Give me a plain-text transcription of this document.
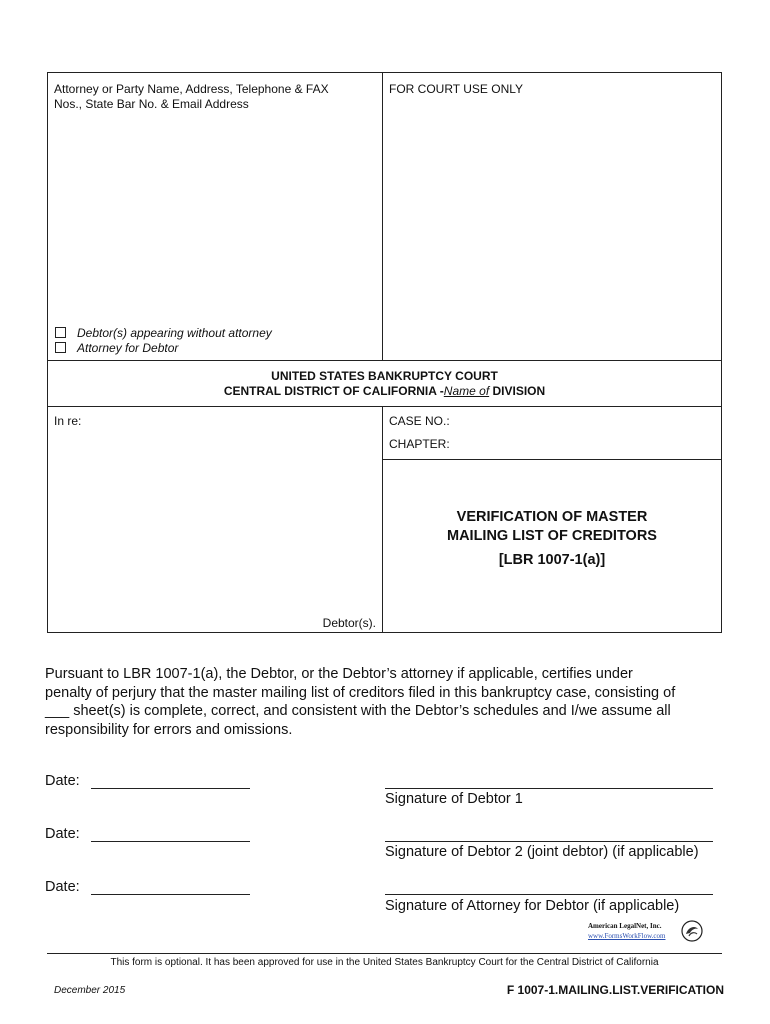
Attorney or Party Name, Address, Telephone & FAX
Nos., State Bar No. & Email Address
FOR COURT USE ONLY
Debtor(s) appearing without attorney
Attorney for Debtor
UNITED STATES BANKRUPTCY COURT
CENTRAL DISTRICT OF CALIFORNIA -Name of DIVISION
In re:	CASE NO.:
CHAPTER:
Debtor(s).
VERIFICATION OF MASTER
MAILING LIST OF CREDITORS
[LBR 1007-1(a)]
Pursuant to LBR 1007-1(a), the Debtor, or the Debtor’s attorney if applicable, certifies under
penalty of perjury that the master mailing list of creditors filed in this bankruptcy case, consisting of
___ sheet(s) is complete, correct, and consistent with the Debtor’s schedules and I/we assume all
responsibility for errors and omissions.
Date:
Signature of Debtor 1
Date:
Signature of Debtor 2 (joint debtor) (if applicable)
Date:
Signature of Attorney for Debtor (if applicable)
American LegalNet, Inc.
www.FormsWorkFlow.com
This form is optional. It has been approved for use in the United States Bankruptcy Court for the Central District of California
December 2015	F 1007-1.MAILING.LIST.VERIFICATION
